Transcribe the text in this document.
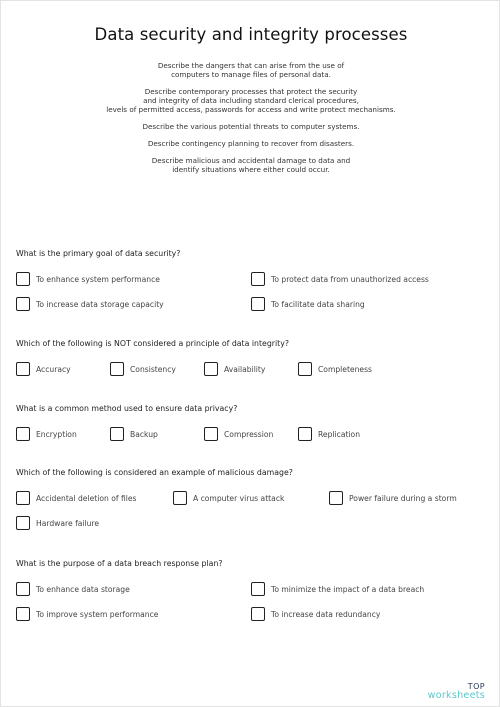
Data security and integrity processes

Describe the dangers that can arise from the use of
computers to manage files of personal data.

Describe contemporary processes that protect the security
and integrity of data including standard clerical procedures,
levels of permitted access, passwords for access and write protect mechanisms.

Describe the various potential threats to computer systems.

Describe contingency planning to recover from disasters.

Describe malicious and accidental damage to data and
identify situations where either could occur.

What is the primary goal of data security?
To enhance system performance	To protect data from unauthorized access
To increase data storage capacity	To facilitate data sharing
Which of the following is NOT considered a principle of data integrity?
Accuracy	Consistency	Availability	Completeness
What is a common method used to ensure data privacy?
Encryption	Backup	Compression	Replication
Which of the following is considered an example of malicious damage?
Accidental deletion of files	A computer virus attack	Power failure during a storm
Hardware failure
What is the purpose of a data breach response plan?
To enhance data storage	To minimize the impact of a data breach
To improve system performance	To increase data redundancy
TOP
worksheets
